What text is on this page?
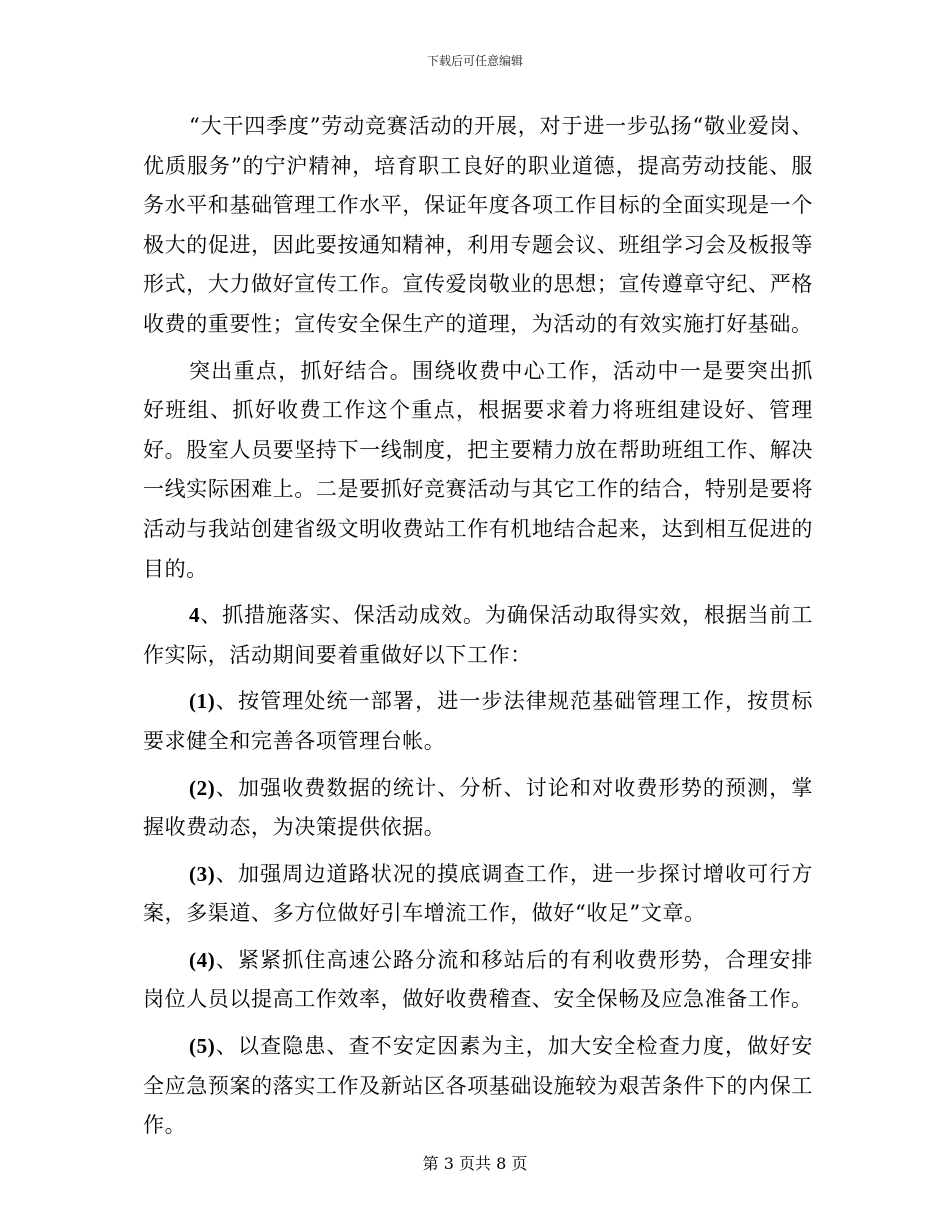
下载后可任意编辑

“大干四季度”劳动竞赛活动的开展，对于进一步弘扬“敬业爱岗、优质服务”的宁沪精神，培育职工良好的职业道德，提高劳动技能、服务水平和基础管理工作水平，保证年度各项工作目标的全面实现是一个极大的促进，因此要按通知精神，利用专题会议、班组学习会及板报等形式，大力做好宣传工作。宣传爱岗敬业的思想；宣传遵章守纪、严格收费的重要性；宣传安全保生产的道理，为活动的有效实施打好基础。

突出重点，抓好结合。围绕收费中心工作，活动中一是要突出抓好班组、抓好收费工作这个重点，根据要求着力将班组建设好、管理好。股室人员要坚持下一线制度，把主要精力放在帮助班组工作、解决一线实际困难上。二是要抓好竞赛活动与其它工作的结合，特别是要将活动与我站创建省级文明收费站工作有机地结合起来，达到相互促进的目的。

4、抓措施落实、保活动成效。为确保活动取得实效，根据当前工作实际，活动期间要着重做好以下工作：

(1)、按管理处统一部署，进一步法律规范基础管理工作，按贯标要求健全和完善各项管理台帐。

(2)、加强收费数据的统计、分析、讨论和对收费形势的预测，掌握收费动态，为决策提供依据。

(3)、加强周边道路状况的摸底调查工作，进一步探讨增收可行方案，多渠道、多方位做好引车增流工作，做好“收足”文章。

(4)、紧紧抓住高速公路分流和移站后的有利收费形势，合理安排岗位人员以提高工作效率，做好收费稽查、安全保畅及应急准备工作。

(5)、以查隐患、查不安定因素为主，加大安全检查力度，做好安全应急预案的落实工作及新站区各项基础设施较为艰苦条件下的内保工作。

第 3 页共 8 页
